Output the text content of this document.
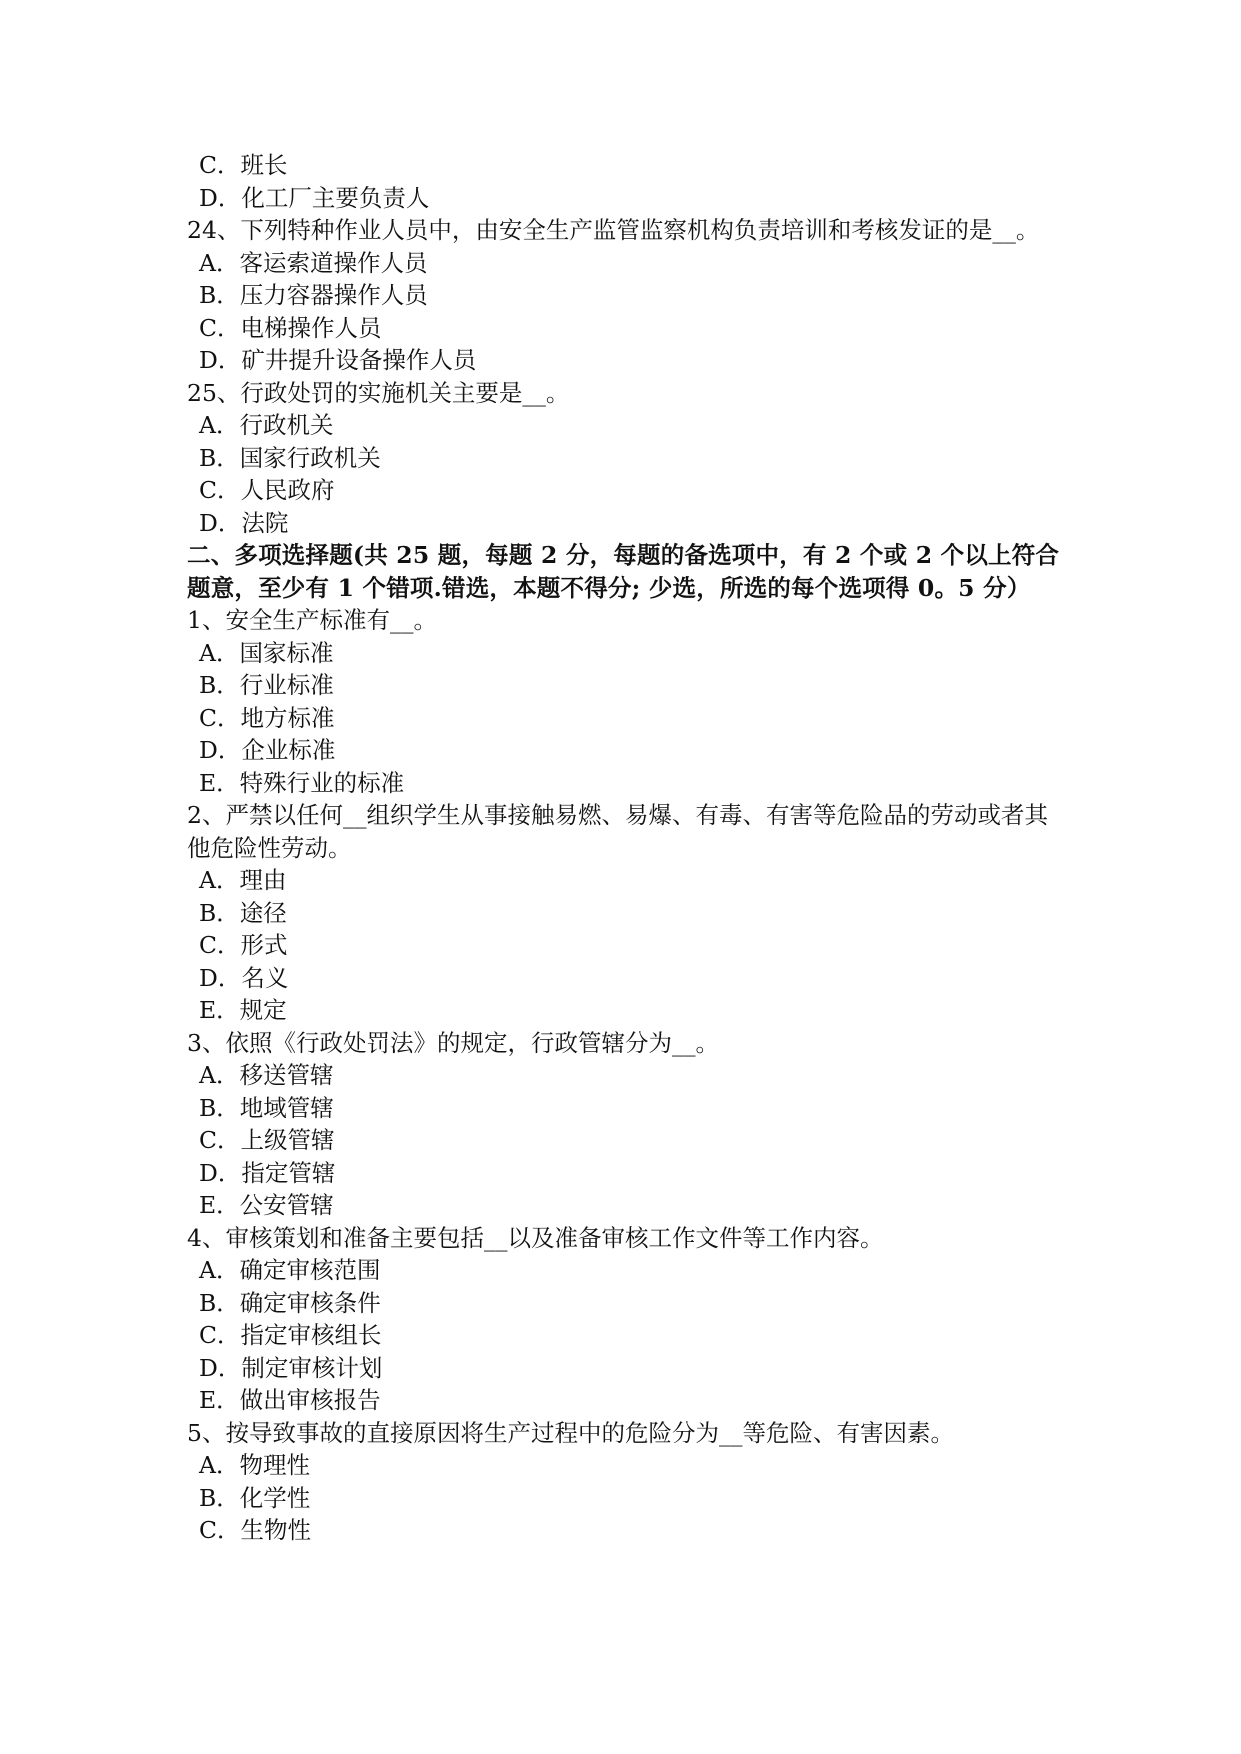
C．班长
D．化工厂主要负责人
24、下列特种作业人员中，由安全生产监管监察机构负责培训和考核发证的是__。
A．客运索道操作人员
B．压力容器操作人员
C．电梯操作人员
D．矿井提升设备操作人员
25、行政处罚的实施机关主要是__。
A．行政机关
B．国家行政机关
C．人民政府
D．法院
二、多项选择题(共 25 题，每题 2 分，每题的备选项中，有 2 个或 2 个以上符合题意，至少有 1 个错项.错选，本题不得分; 少选，所选的每个选项得 0。5 分）
1、安全生产标准有__。
A．国家标准
B．行业标准
C．地方标准
D．企业标准
E．特殊行业的标准
2、严禁以任何__组织学生从事接触易燃、易爆、有毒、有害等危险品的劳动或者其他危险性劳动。
A．理由
B．途径
C．形式
D．名义
E．规定
3、依照《行政处罚法》的规定，行政管辖分为__。
A．移送管辖
B．地域管辖
C．上级管辖
D．指定管辖
E．公安管辖
4、审核策划和准备主要包括__以及准备审核工作文件等工作内容。
A．确定审核范围
B．确定审核条件
C．指定审核组长
D．制定审核计划
E．做出审核报告
5、按导致事故的直接原因将生产过程中的危险分为__等危险、有害因素。
A．物理性
B．化学性
C．生物性
